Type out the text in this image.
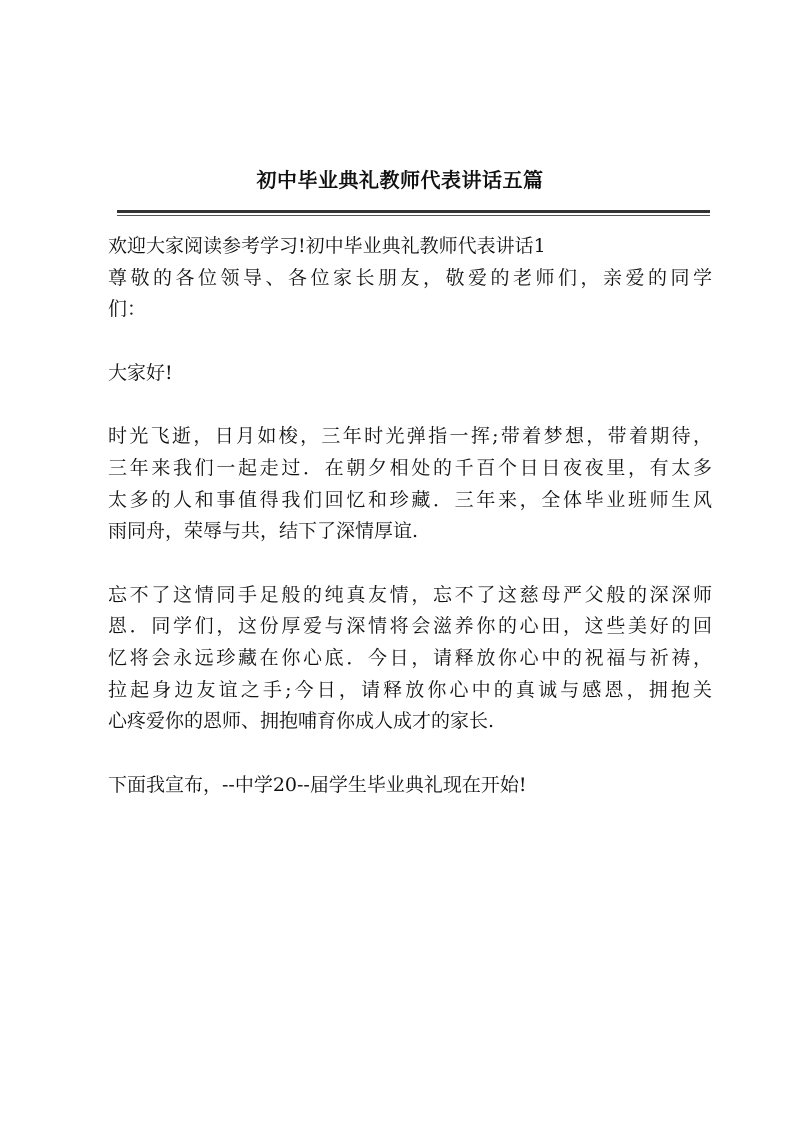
初中毕业典礼教师代表讲话五篇
欢迎大家阅读参考学习!初中毕业典礼教师代表讲话1
尊敬的各位领导、各位家长朋友，敬爱的老师们，亲爱的同学
们：
大家好!
时光飞逝，日月如梭，三年时光弹指一挥;带着梦想，带着期待，
三年来我们一起走过．在朝夕相处的千百个日日夜夜里，有太多
太多的人和事值得我们回忆和珍藏．三年来，全体毕业班师生风
雨同舟，荣辱与共，结下了深情厚谊.
忘不了这情同手足般的纯真友情，忘不了这慈母严父般的深深师
恩．同学们，这份厚爱与深情将会滋养你的心田，这些美好的回
忆将会永远珍藏在你心底．今日，请释放你心中的祝福与祈祷，
拉起身边友谊之手;今日，请释放你心中的真诚与感恩，拥抱关
心疼爱你的恩师、拥抱哺育你成人成才的家长.
下面我宣布，--中学20--届学生毕业典礼现在开始!
